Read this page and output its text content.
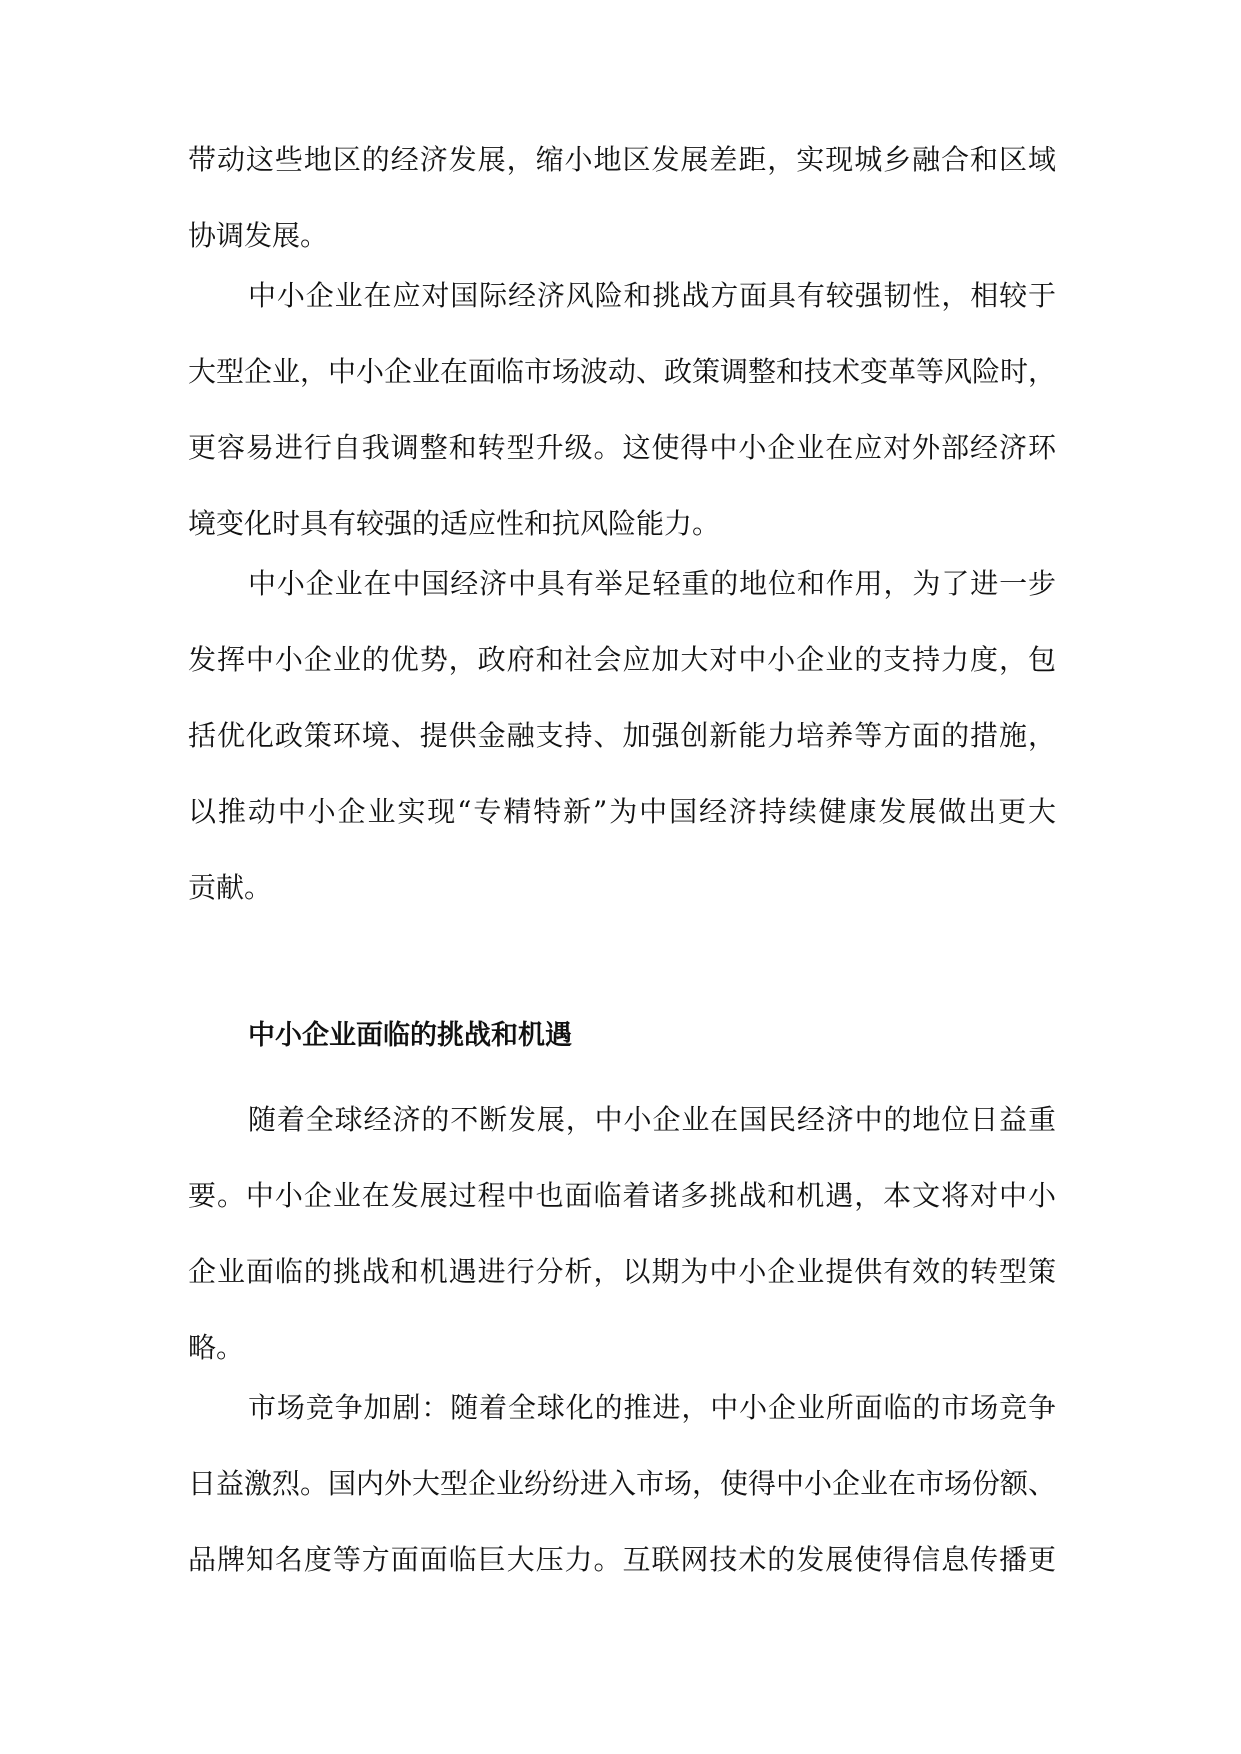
带动这些地区的经济发展，缩小地区发展差距，实现城乡融合和区域
协调发展。
中小企业在应对国际经济风险和挑战方面具有较强韧性，相较于
大型企业，中小企业在面临市场波动、政策调整和技术变革等风险时，
更容易进行自我调整和转型升级。这使得中小企业在应对外部经济环
境变化时具有较强的适应性和抗风险能力。
中小企业在中国经济中具有举足轻重的地位和作用，为了进一步
发挥中小企业的优势，政府和社会应加大对中小企业的支持力度，包
括优化政策环境、提供金融支持、加强创新能力培养等方面的措施，
以推动中小企业实现“专精特新”为中国经济持续健康发展做出更大
贡献。
中小企业面临的挑战和机遇
随着全球经济的不断发展，中小企业在国民经济中的地位日益重
要。中小企业在发展过程中也面临着诸多挑战和机遇，本文将对中小
企业面临的挑战和机遇进行分析，以期为中小企业提供有效的转型策
略。
市场竞争加剧：随着全球化的推进，中小企业所面临的市场竞争
日益激烈。国内外大型企业纷纷进入市场，使得中小企业在市场份额、
品牌知名度等方面面临巨大压力。互联网技术的发展使得信息传播更
